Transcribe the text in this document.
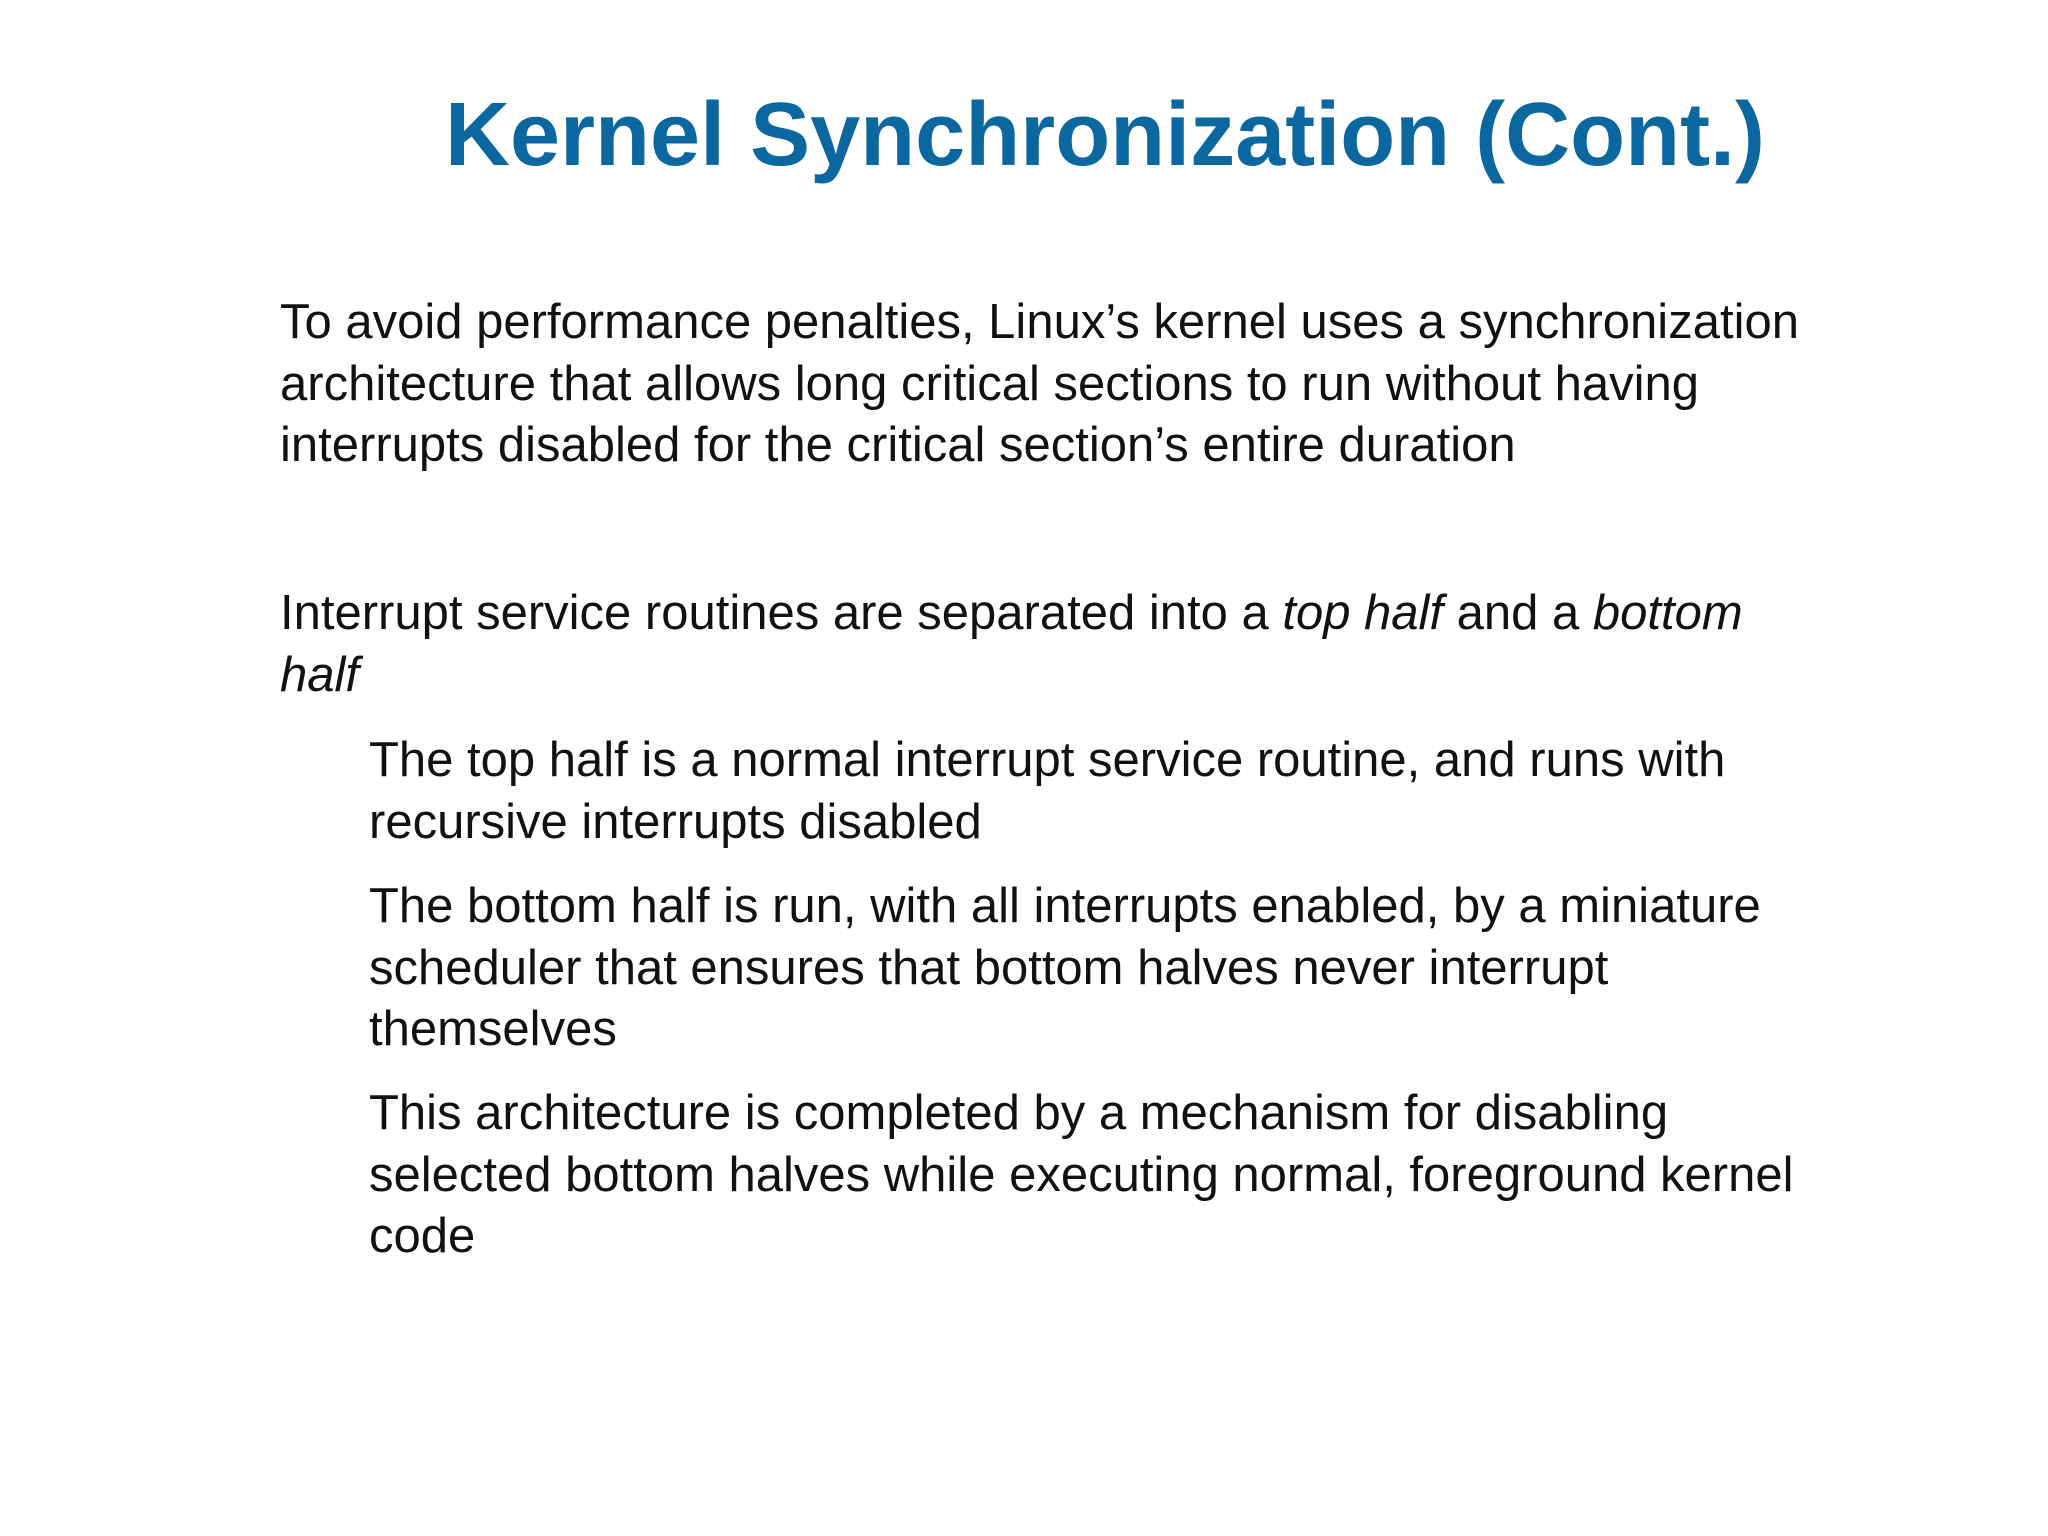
Kernel Synchronization (Cont.)
To avoid performance penalties, Linux’s kernel uses a synchronization
architecture that allows long critical sections to run without having
interrupts disabled for the critical section’s entire duration
Interrupt service routines are separated into a top half and a bottom
half
The top half is a normal interrupt service routine, and runs with
recursive interrupts disabled
The bottom half is run, with all interrupts enabled, by a miniature
scheduler that ensures that bottom halves never interrupt
themselves
This architecture is completed by a mechanism for disabling
selected bottom halves while executing normal, foreground kernel
code
